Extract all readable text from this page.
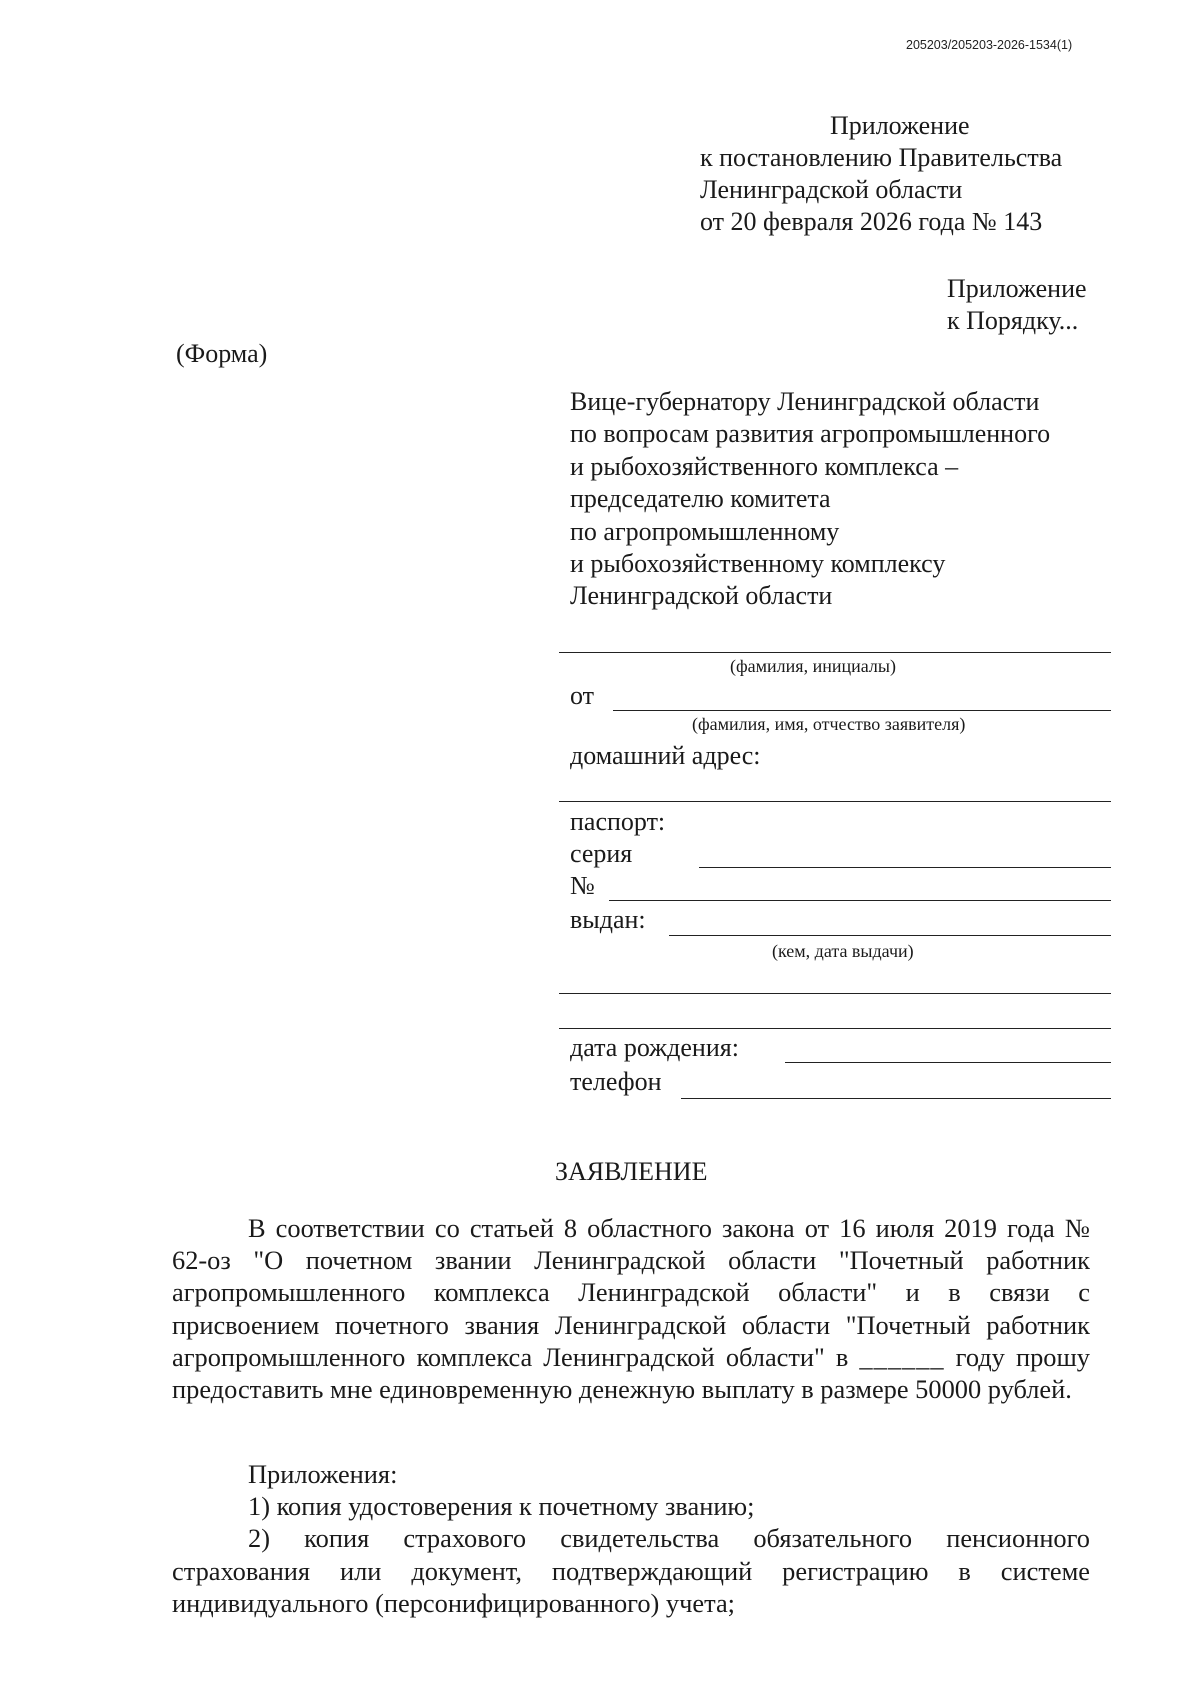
205203/205203-2026-1534(1)
Приложение
к постановлению Правительства
Ленинградской области
от 20 февраля 2026 года № 143
Приложение
к Порядку...
(Форма)
Вице-губернатору Ленинградской области
по вопросам развития агропромышленного
и рыбохозяйственного комплекса –
председателю комитета
по агропромышленному
и рыбохозяйственному комплексу
Ленинградской области
(фамилия, инициалы)
от
(фамилия, имя, отчество заявителя)
домашний адрес:
паспорт:
серия
№
выдан:
(кем, дата выдачи)
дата рождения:
телефон
ЗАЯВЛЕНИЕ

В соответствии со статьей 8 областного закона от 16 июля 2019 года № 62-оз "О почетном звании Ленинградской области "Почетный работник агропромышленного комплекса Ленинградской области" и в связи с присвоением почетного звания Ленинградской области "Почетный работник агропромышленного комплекса Ленинградской области" в ______ году прошу предоставить мне единовременную денежную выплату в размере 50000 рублей.

Приложения:

1) копия удостоверения к почетному званию;

2) копия страхового свидетельства обязательного пенсионного страхования или документ, подтверждающий регистрацию в системе индивидуального (персонифицированного) учета;
